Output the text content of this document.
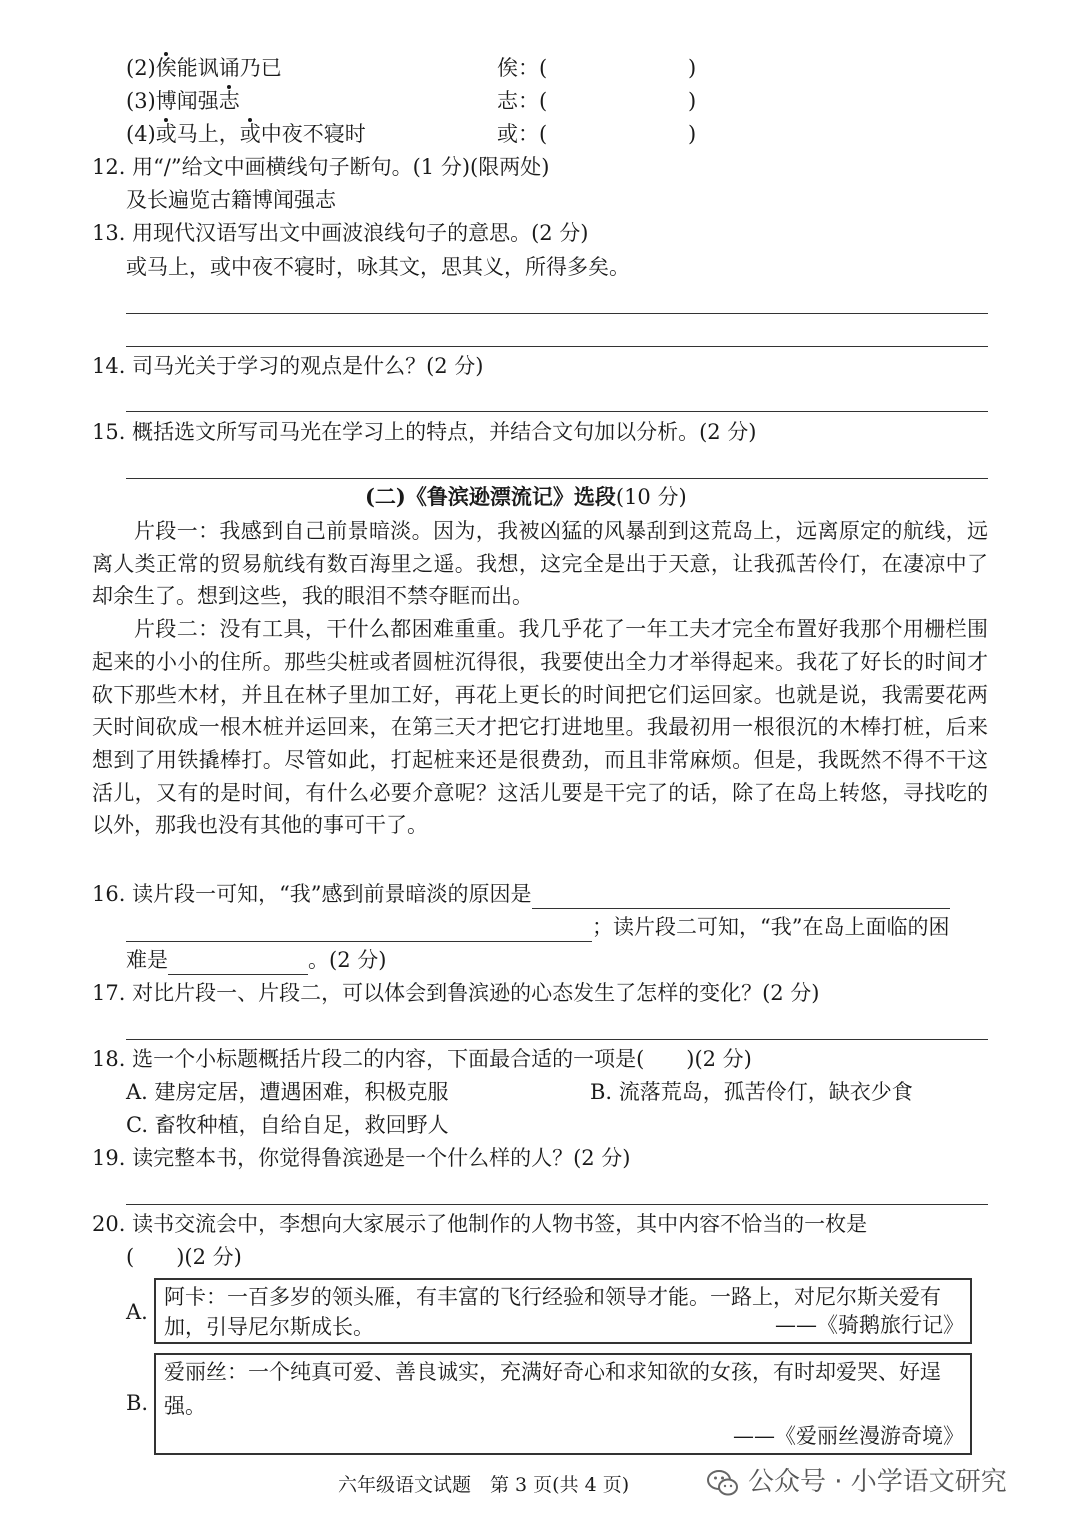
(2)俟能讽诵乃已	俟：(	)
(3)博闻强志	志：(	)
(4)或马上，或中夜不寝时	或：(	)
12. 用“/”给文中画横线句子断句。(1 分)(限两处)
及长遍览古籍博闻强志
13. 用现代汉语写出文中画波浪线句子的意思。(2 分)
或马上，或中夜不寝时，咏其文，思其义，所得多矣。
14. 司马光关于学习的观点是什么？(2 分)
15. 概括选文所写司马光在学习上的特点，并结合文句加以分析。(2 分)
(二)《鲁滨逊漂流记》选段(10 分)

片段一：我感到自己前景暗淡。因为，我被凶猛的风暴刮到这荒岛上，远离原定的航线，远离人类正常的贸易航线有数百海里之遥。我想，这完全是出于天意，让我孤苦伶仃，在凄凉中了却余生了。想到这些，我的眼泪不禁夺眶而出。

片段二：没有工具，干什么都困难重重。我几乎花了一年工夫才完全布置好我那个用栅栏围起来的小小的住所。那些尖桩或者圆桩沉得很，我要使出全力才举得起来。我花了好长的时间才砍下那些木材，并且在林子里加工好，再花上更长的时间把它们运回家。也就是说，我需要花两天时间砍成一根木桩并运回来，在第三天才把它打进地里。我最初用一根很沉的木棒打桩，后来想到了用铁撬棒打。尽管如此，打起桩来还是很费劲，而且非常麻烦。但是，我既然不得不干这活儿，又有的是时间，有什么必要介意呢？这活儿要是干完了的话，除了在岛上转悠，寻找吃的以外，那我也没有其他的事可干了。

16. 读片段一可知，“我”感到前景暗淡的原因是
；读片段二可知，“我”在岛上面临的困
难是	。(2 分)
17. 对比片段一、片段二，可以体会到鲁滨逊的心态发生了怎样的变化？(2 分)
18. 选一个小标题概括片段二的内容，下面最合适的一项是(　　)(2 分)
A. 建房定居，遭遇困难，积极克服	B. 流落荒岛，孤苦伶仃，缺衣少食
C. 畜牧种植，自给自足，救回野人
19. 读完整本书，你觉得鲁滨逊是一个什么样的人？(2 分)
20. 读书交流会中，李想向大家展示了他制作的人物书签，其中内容不恰当的一枚是
(　　)(2 分)
A.
阿卡：一百多岁的领头雁，有丰富的飞行经验和领导才能。一路上，对尼尔斯关爱有加，引导尼尔斯成长。	——《骑鹅旅行记》
B.
爱丽丝：一个纯真可爱、善良诚实，充满好奇心和求知欲的女孩，有时却爱哭、好逞强。
——《爱丽丝漫游奇境》
六年级语文试题　第 3 页(共 4 页)	公众号 · 小学语文研究
